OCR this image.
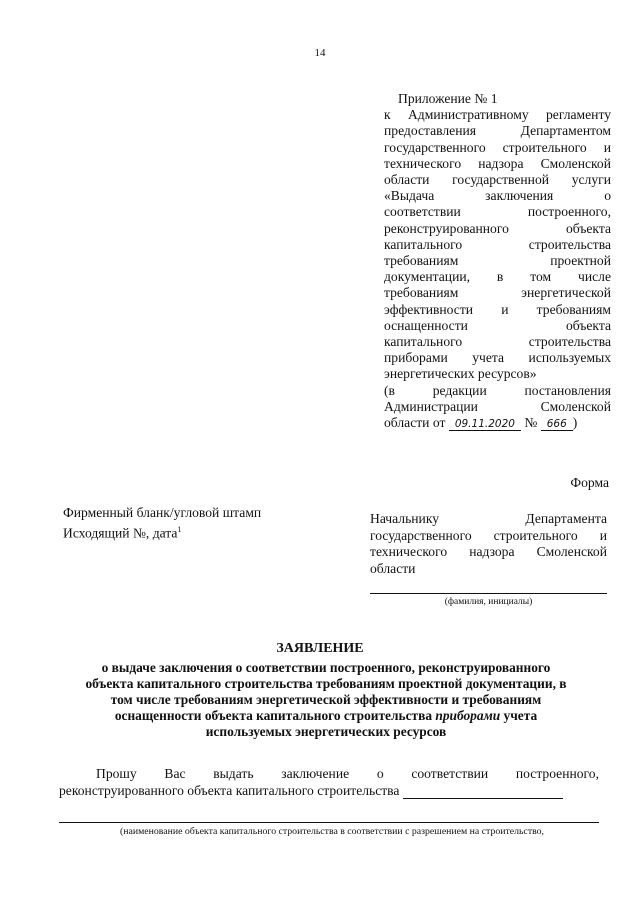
14
Приложение № 1
к Административному регламенту
предоставления Департаментом
государственного строительного и
технического надзора Смоленской
области государственной услуги
«Выдача заключения о
соответствии построенного,
реконструированного объекта
капитального строительства
требованиям проектной
документации, в том числе
требованиям энергетической
эффективности и требованиям
оснащенности объекта
капитального строительства
приборами учета используемых
энергетических ресурсов»
(в редакции постановления
Администрации Смоленской
области от 09.11.2020 № 666 )
Форма
Фирменный бланк/угловой штамп
Исходящий №, дата$^1$
Начальнику Департамента
государственного строительного и
технического надзора Смоленской
области
(фамилия, инициалы)
ЗАЯВЛЕНИЕ
о выдаче заключения о соответствии построенного, реконструированного
объекта капитального строительства требованиям проектной документации, в
том числе требованиям энергетической эффективности и требованиям
оснащенности объекта капитального строительства приборами учета
используемых энергетических ресурсов
Прошу Вас выдать заключение о соответствии построенного,
реконструированного объекта капитального строительства
(наименование объекта капитального строительства в соответствии с разрешением на строительство,
